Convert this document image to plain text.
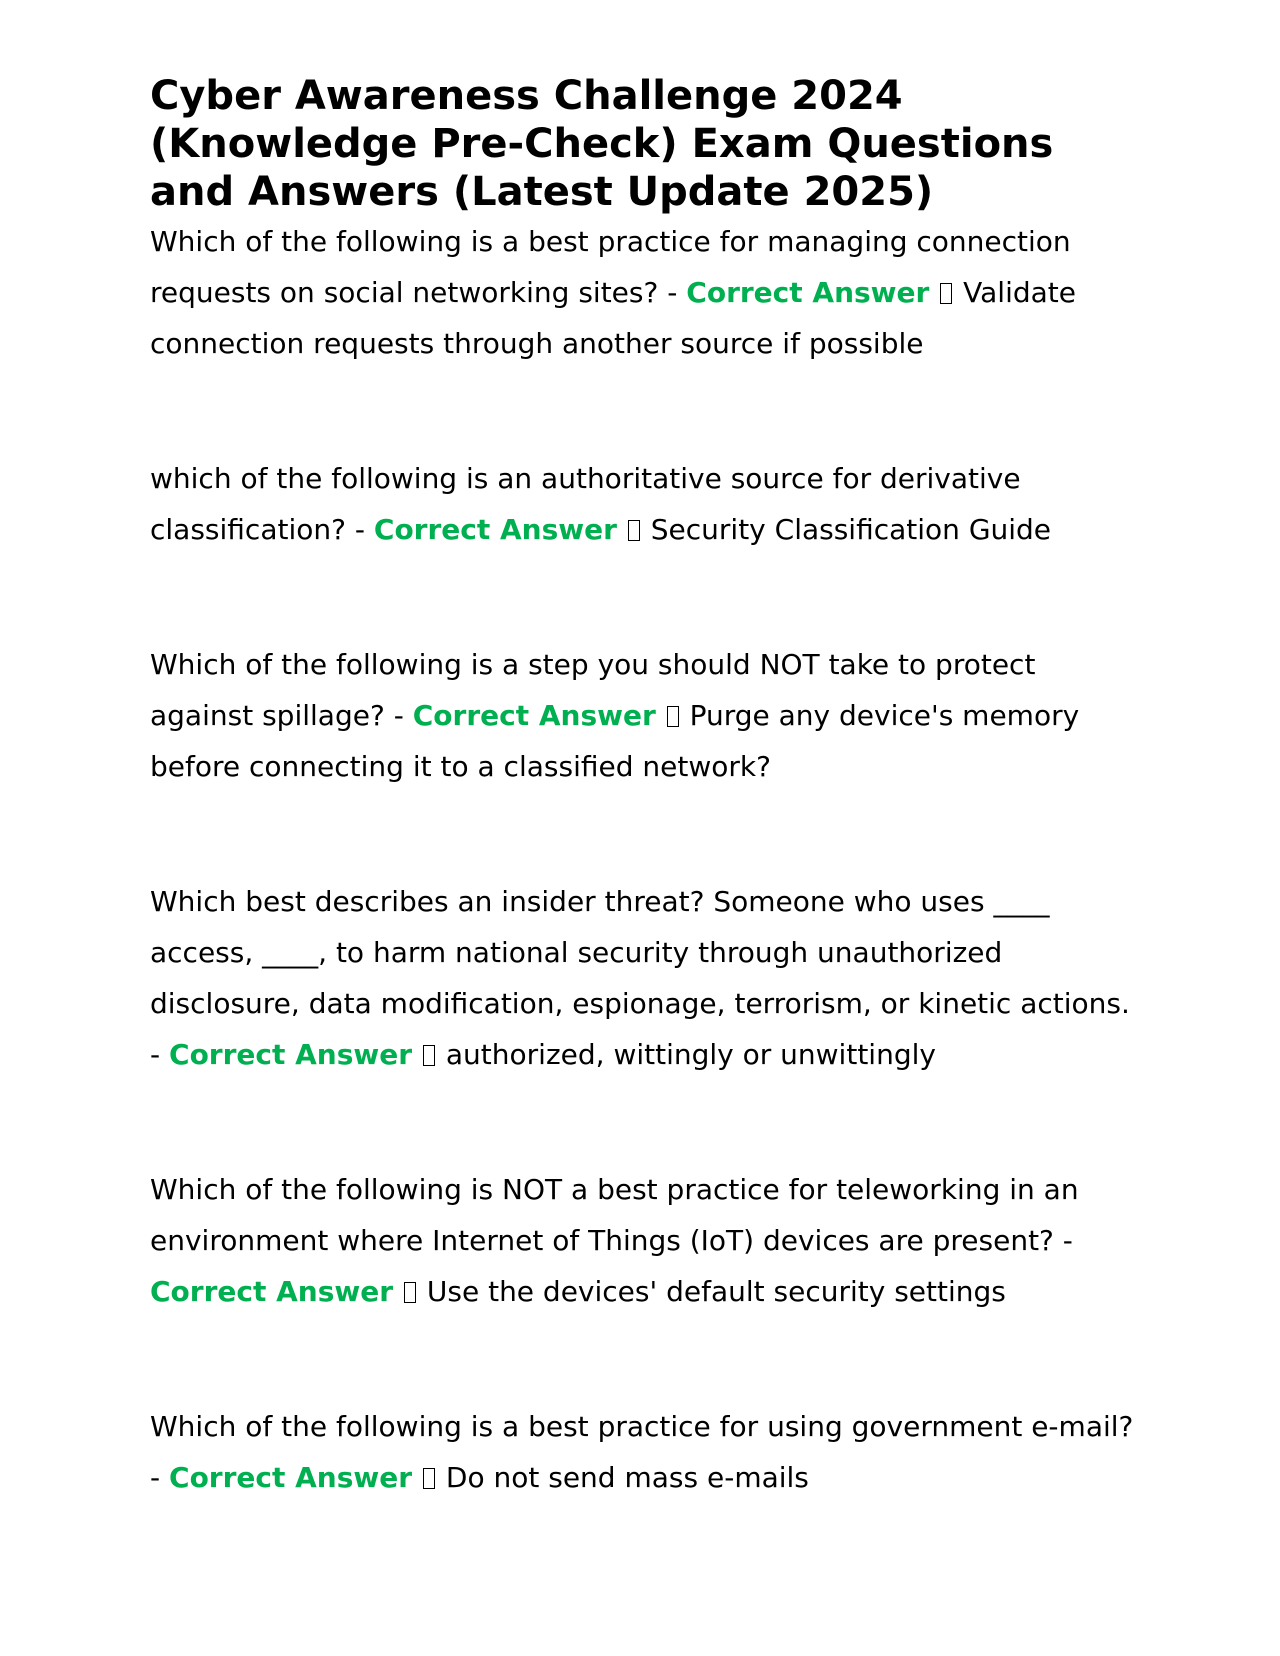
Cyber Awareness Challenge 2024 (Knowledge Pre-Check) Exam Questions and Answers (Latest Update 2025)

Which of the following is a best practice for managing connection requests on social networking sites? - Correct Answer Validate connection requests through another source if possible

which of the following is an authoritative source for derivative classification? - Correct Answer Security Classification Guide

Which of the following is a step you should NOT take to protect against spillage? - Correct Answer Purge any device's memory before connecting it to a classified network?

Which best describes an insider threat? Someone who uses ____ access, ____, to harm national security through unauthorized disclosure, data modification, espionage, terrorism, or kinetic actions. - Correct Answer authorized, wittingly or unwittingly

Which of the following is NOT a best practice for teleworking in an environment where Internet of Things (IoT) devices are present? - Correct Answer Use the devices' default security settings

Which of the following is a best practice for using government e-mail? - Correct Answer Do not send mass e-mails
